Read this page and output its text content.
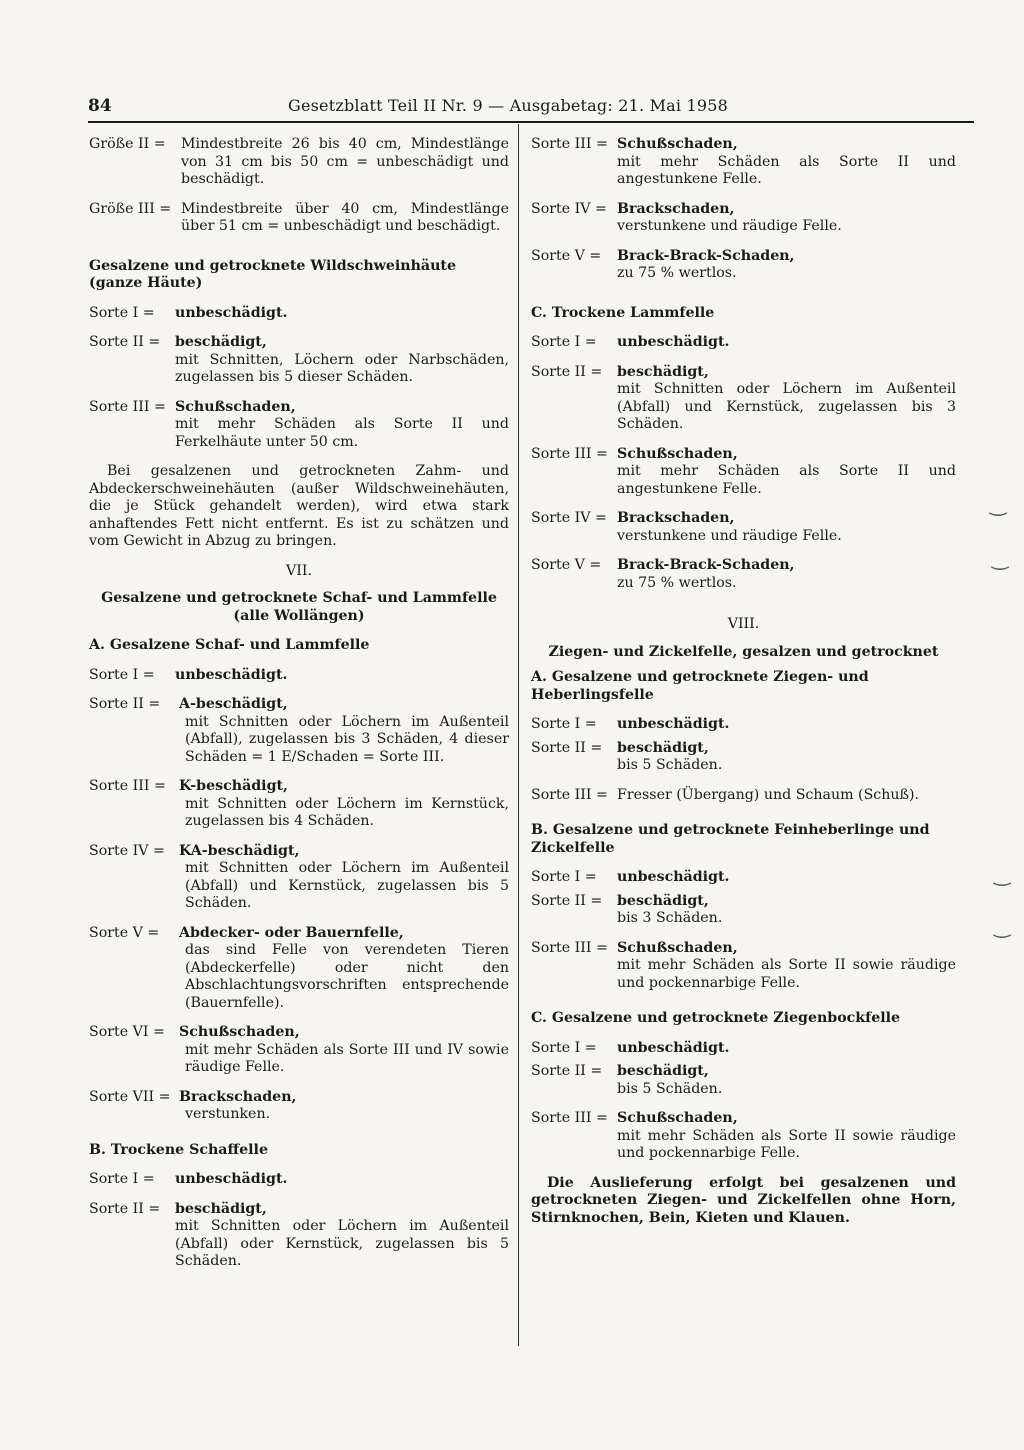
84	Gesetzblatt Teil II Nr. 9 — Ausgabetag: 21. Mai 1958
Größe II =	Mindestbreite 26 bis 40 cm, Mindestlänge von 31 cm bis 50 cm = unbeschädigt und beschädigt.
Größe III = Mindestbreite über 40 cm, Mindestlänge über 51 cm = unbeschädigt und beschädigt.
Gesalzene und getrocknete Wildschweinhäute (ganze Häute)
Sorte I =	unbeschädigt.
Sorte II =	beschädigt,
mit Schnitten, Löchern oder Narbschäden, zugelassen bis 5 dieser Schäden.
Sorte III = Schußschaden,
mit mehr Schäden als Sorte II und Ferkelhäute unter 50 cm.
Bei gesalzenen und getrockneten Zahm- und Abdeckerschweinehäuten (außer Wildschweinehäuten, die je Stück gehandelt werden), wird etwa stark anhaftendes Fett nicht entfernt. Es ist zu schätzen und vom Gewicht in Abzug zu bringen.
VII.
Gesalzene und getrocknete Schaf- und Lammfelle
(alle Wollängen)
A. Gesalzene Schaf- und Lammfelle
Sorte I =	unbeschädigt.
Sorte II =	A-beschädigt,
mit Schnitten oder Löchern im Außenteil (Abfall), zugelassen bis 3 Schäden, 4 dieser Schäden = 1 E/Schaden = Sorte III.
Sorte III = K-beschädigt,
mit Schnitten oder Löchern im Kernstück, zugelassen bis 4 Schäden.
Sorte IV = KA-beschädigt,
mit Schnitten oder Löchern im Außenteil (Abfall) und Kernstück, zugelassen bis 5 Schäden.
Sorte V =	Abdecker- oder Bauernfelle,
das sind Felle von verendeten Tieren (Abdeckerfelle) oder nicht den Abschlachtungsvorschriften entsprechende (Bauernfelle).
Sorte VI = Schußschaden,
mit mehr Schäden als Sorte III und IV sowie räudige Felle.
Sorte VII = Brackschaden,
verstunken.
B. Trockene Schaffelle
Sorte I =	unbeschädigt.
Sorte II =	beschädigt,
mit Schnitten oder Löchern im Außenteil (Abfall) oder Kernstück, zugelassen bis 5 Schäden.
Sorte III = Schußschaden,
mit mehr Schäden als Sorte II und angestunkene Felle.
Sorte IV = Brackschaden,
verstunkene und räudige Felle.
Sorte V =	Brack-Brack-Schaden,
zu 75 % wertlos.
C. Trockene Lammfelle
Sorte I =	unbeschädigt.
Sorte II =	beschädigt,
mit Schnitten oder Löchern im Außenteil (Abfall) und Kernstück, zugelassen bis 3 Schäden.
Sorte III = Schußschaden,
mit mehr Schäden als Sorte II und angestunkene Felle.
Sorte IV = Brackschaden,
verstunkene und räudige Felle.
Sorte V =	Brack-Brack-Schaden,
zu 75 % wertlos.
VIII.
Ziegen- und Zickelfelle, gesalzen und getrocknet
A. Gesalzene und getrocknete Ziegen- und Heberlingsfelle
Sorte I =	unbeschädigt.
Sorte II =	beschädigt,
bis 5 Schäden.
Sorte III = Fresser (Übergang) und Schaum (Schuß).
B. Gesalzene und getrocknete Feinheberlinge und Zickelfelle
Sorte I =	unbeschädigt.
Sorte II =	beschädigt,
bis 3 Schäden.
Sorte III = Schußschaden,
mit mehr Schäden als Sorte II sowie räudige und pockennarbige Felle.
C. Gesalzene und getrocknete Ziegenbockfelle
Sorte I =	unbeschädigt.
Sorte II =	beschädigt,
bis 5 Schäden.
Sorte III = Schußschaden,
mit mehr Schäden als Sorte II sowie räudige und pockennarbige Felle.
Die Auslieferung erfolgt bei gesalzenen und getrockneten Ziegen- und Zickelfellen ohne Horn, Stirnknochen, Bein, Kieten und Klauen.
‿
‿
‿
‿
